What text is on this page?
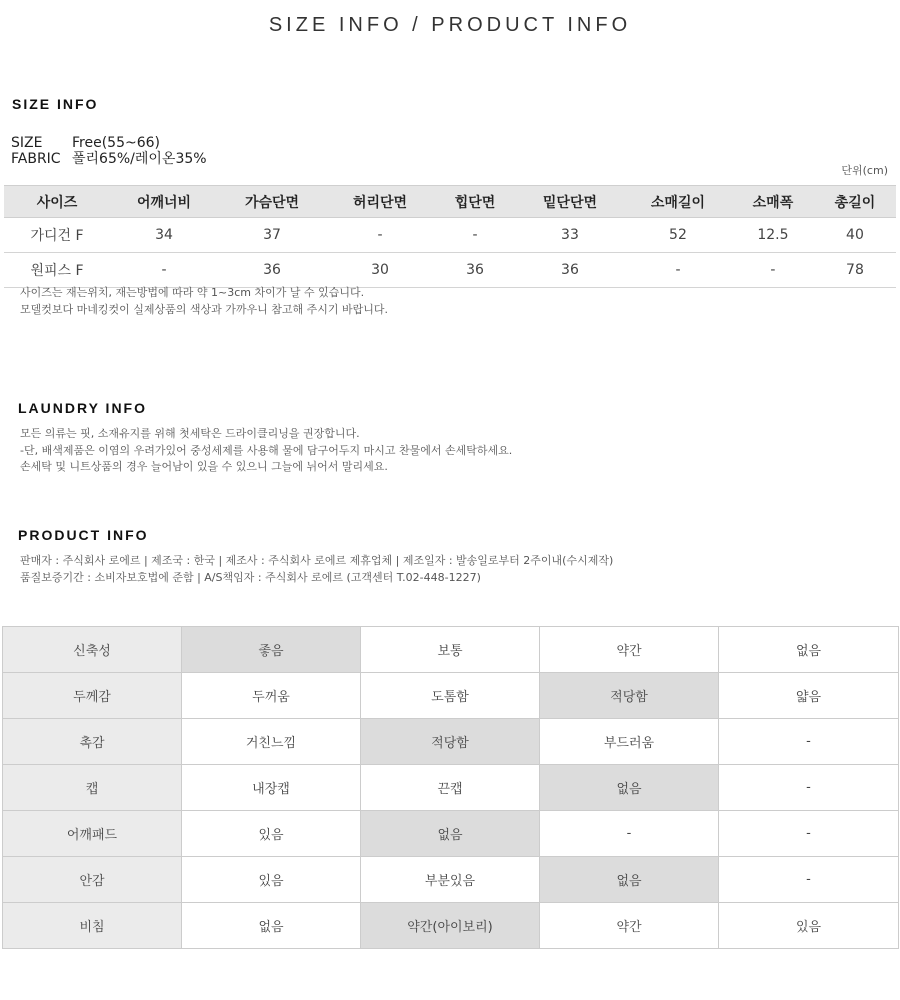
SIZE INFO / PRODUCT INFO
SIZE INFO
SIZE Free(55~66)
FABRIC 폴리65%/레이온35%
단위(cm)
사이즈	어깨너비	가슴단면	허리단면	힙단면	밑단단면	소매길이	소매폭	총길이
가디건 F	34	37	-	-	33	52	12.5	40
원피스 F	-	36	30	36	36	-	-	78
사이즈는 재는위치, 재는방법에 따라 약 1~3cm 차이가 날 수 있습니다.
모델컷보다 마네킹컷이 실제상품의 색상과 가까우니 참고해 주시기 바랍니다.
LAUNDRY INFO
모든 의류는 핏, 소재유지를 위해 첫세탁은 드라이클리닝을 권장합니다.
-단, 배색제품은 이염의 우려가있어 중성세제를 사용해 물에 담구어두지 마시고 찬물에서 손세탁하세요.
손세탁 및 니트상품의 경우 늘어남이 있을 수 있으니 그늘에 뉘어서 말리세요.
PRODUCT INFO
판매자 : 주식회사 로에르 | 제조국 : 한국 | 제조사 : 주식회사 로에르 제휴업체 | 제조일자 : 발송일로부터 2주이내(수시제작)
품질보증기간 : 소비자보호법에 준함 | A/S책임자 : 주식회사 로에르 (고객센터 T.02-448-1227)
신축성	좋음	보통	약간	없음
두께감	두꺼움	도톰함	적당함	얇음
촉감	거친느낌	적당함	부드러움	-
캡	내장캡	끈캡	없음	-
어깨패드	있음	없음	-	-
안감	있음	부분있음	없음	-
비침	없음	약간(아이보리)	약간	있음
